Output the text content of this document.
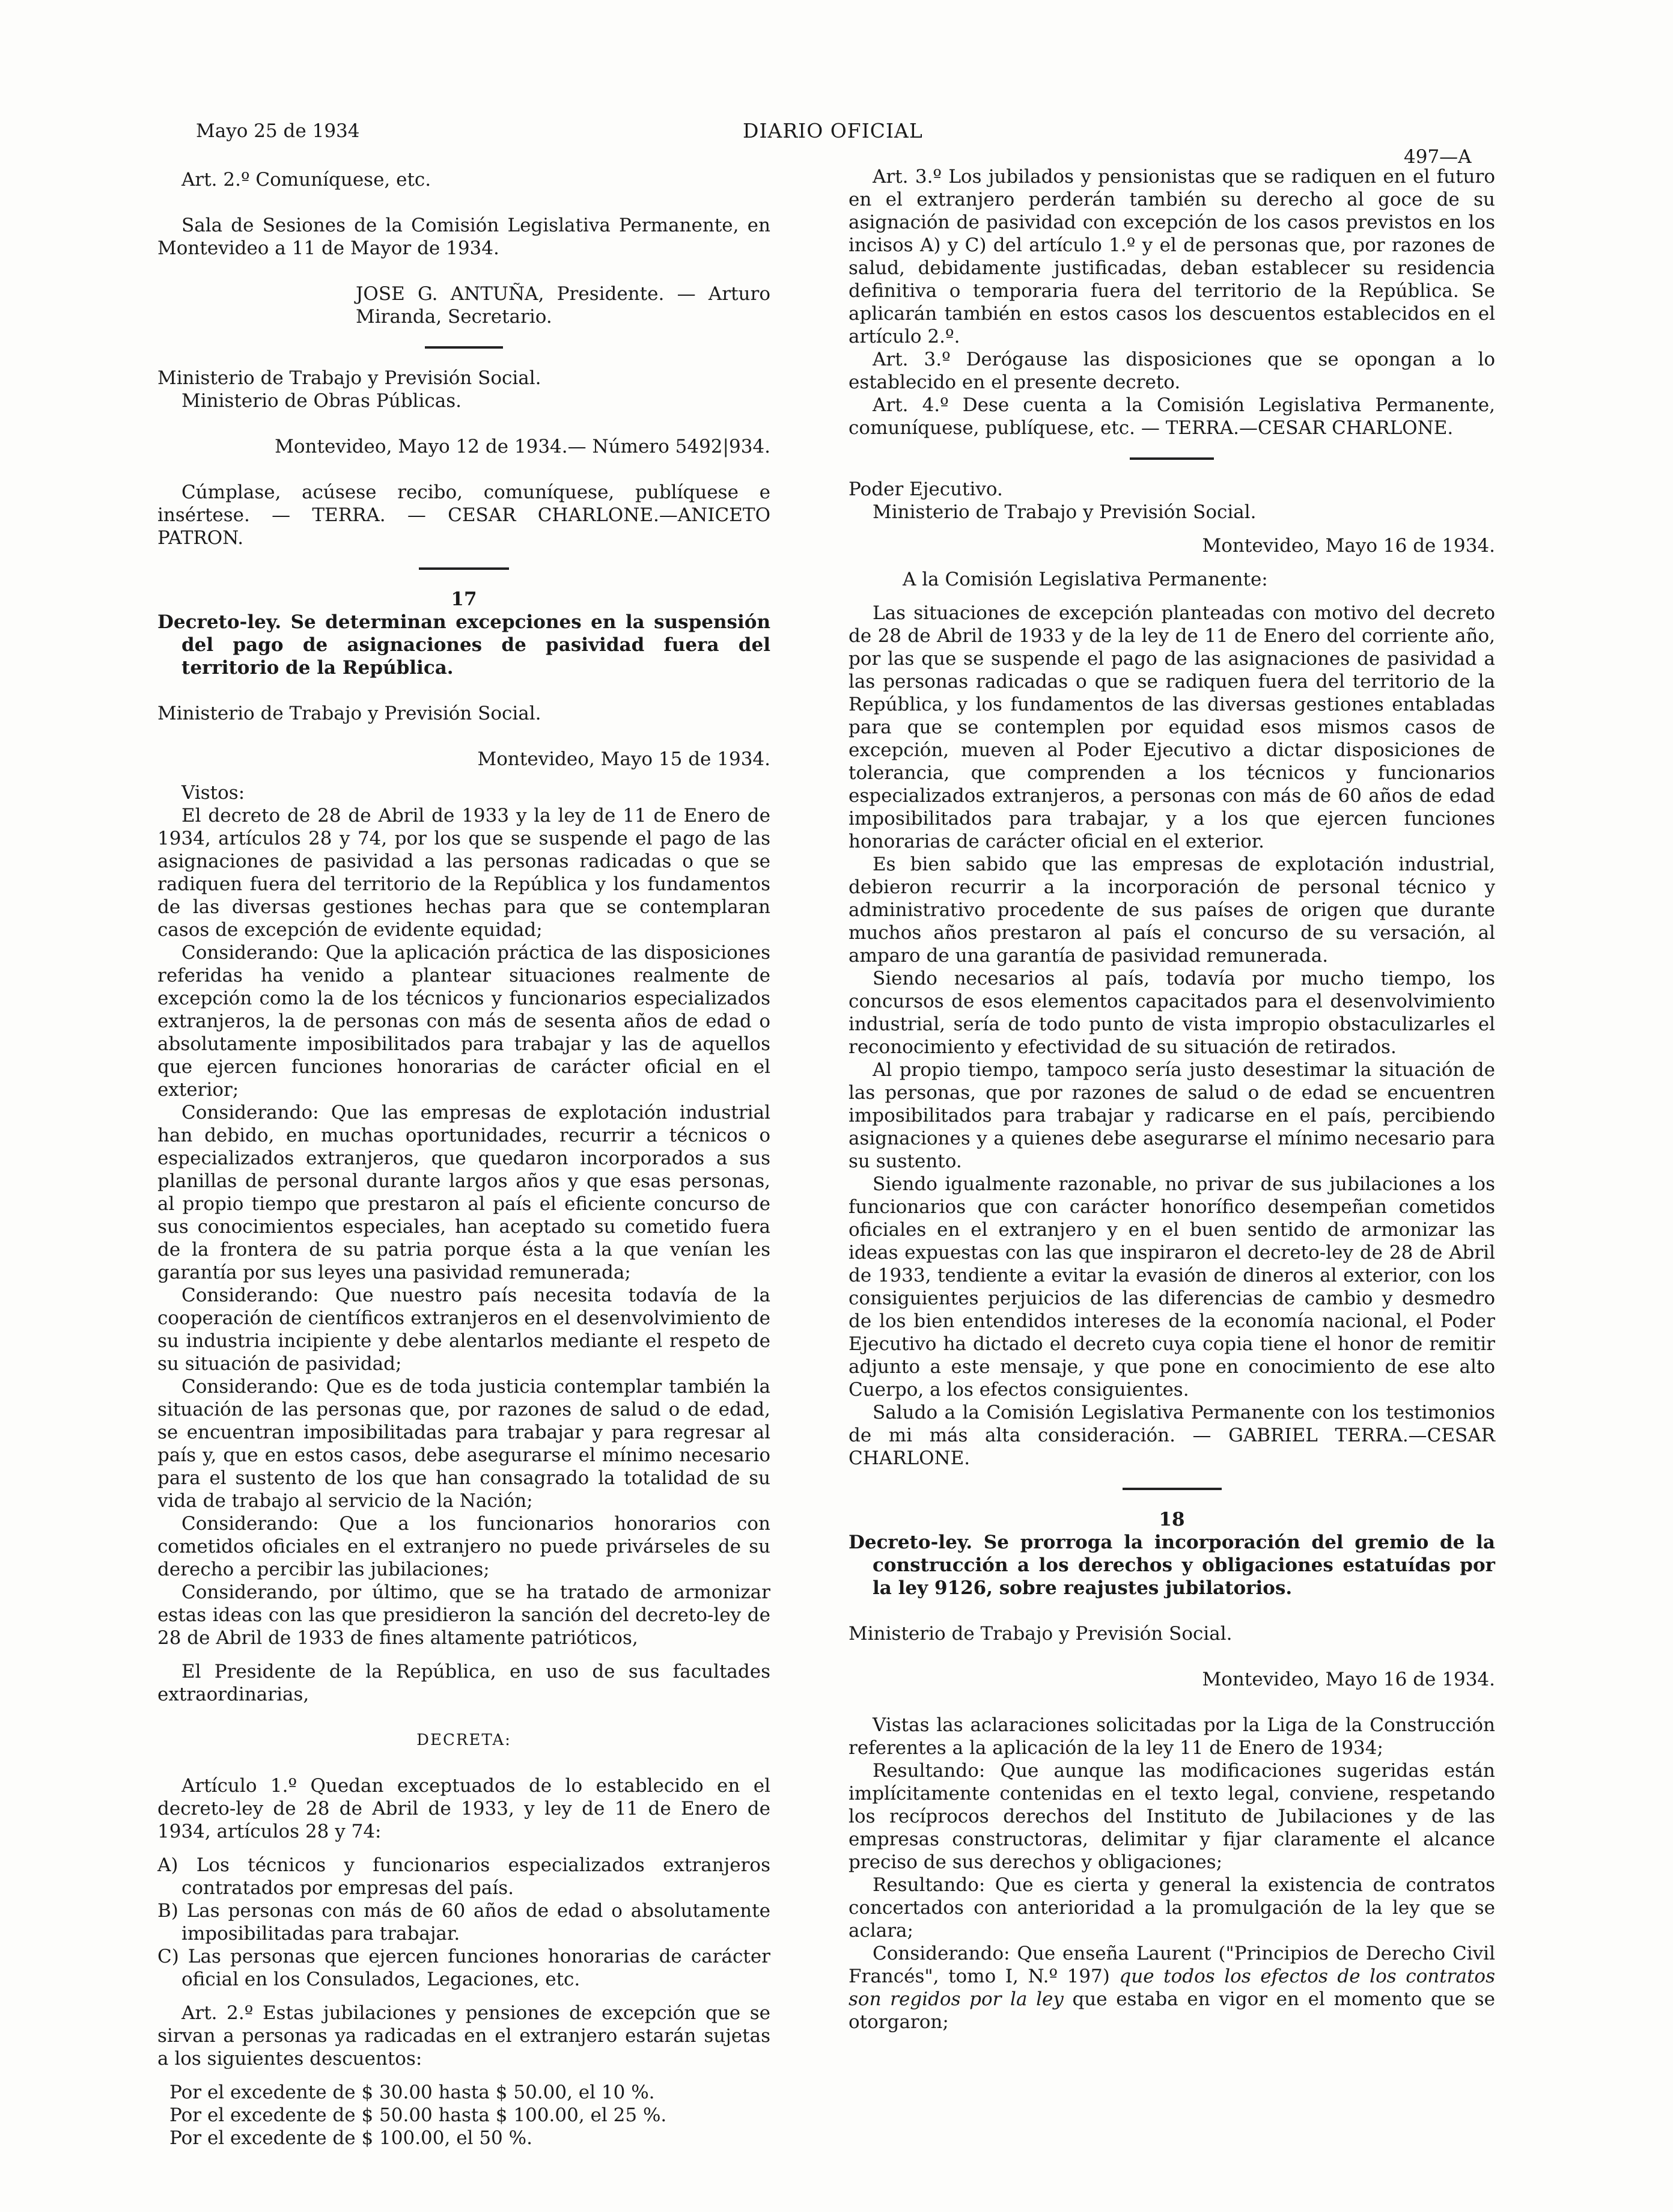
Mayo 25 de 1934	DIARIO OFICIAL
497—A

Art. 2.º Comuníquese, etc.

Sala de Sesiones de la Comisión Legislativa Permanente, en Montevideo a 11 de Mayor de 1934.

JOSE G. ANTUÑA, Presidente. — Arturo Miranda, Secretario.

Ministerio de Trabajo y Previsión Social.

Ministerio de Obras Públicas.

Montevideo, Mayo 12 de 1934.— Número 5492|934.

Cúmplase, acúsese recibo, comuníquese, publíquese e insértese. — TERRA. — CESAR CHARLONE.—ANICETO PATRON.

17

Decreto-ley. Se determinan excepciones en la suspensión del pago de asignaciones de pasividad fuera del territorio de la República.

Ministerio de Trabajo y Previsión Social.

Montevideo, Mayo 15 de 1934.

Vistos:

El decreto de 28 de Abril de 1933 y la ley de 11 de Enero de 1934, artículos 28 y 74, por los que se suspende el pago de las asignaciones de pasividad a las personas radicadas o que se radiquen fuera del territorio de la República y los fundamentos de las diversas gestiones hechas para que se contemplaran casos de excepción de evidente equidad;

Considerando: Que la aplicación práctica de las disposiciones referidas ha venido a plantear situaciones realmente de excepción como la de los técnicos y funcionarios especializados extranjeros, la de personas con más de sesenta años de edad o absolutamente imposibilitados para trabajar y las de aquellos que ejercen funciones honorarias de carácter oficial en el exterior;

Considerando: Que las empresas de explotación industrial han debido, en muchas oportunidades, recurrir a técnicos o especializados extranjeros, que quedaron incorporados a sus planillas de personal durante largos años y que esas personas, al propio tiempo que prestaron al país el eficiente concurso de sus conocimientos especiales, han aceptado su cometido fuera de la frontera de su patria porque ésta a la que venían les garantía por sus leyes una pasividad remunerada;

Considerando: Que nuestro país necesita todavía de la cooperación de científicos extranjeros en el desenvolvimiento de su industria incipiente y debe alentarlos mediante el respeto de su situación de pasividad;

Considerando: Que es de toda justicia contemplar también la situación de las personas que, por razones de salud o de edad, se encuentran imposibilitadas para trabajar y para regresar al país y, que en estos casos, debe asegurarse el mínimo necesario para el sustento de los que han consagrado la totalidad de su vida de trabajo al servicio de la Nación;

Considerando: Que a los funcionarios honorarios con cometidos oficiales en el extranjero no puede privárseles de su derecho a percibir las jubilaciones;

Considerando, por último, que se ha tratado de armonizar estas ideas con las que presidieron la sanción del decreto-ley de 28 de Abril de 1933 de fines altamente patrióticos,

El Presidente de la República, en uso de sus facultades extraordinarias,

DECRETA:

Artículo 1.º Quedan exceptuados de lo establecido en el decreto-ley de 28 de Abril de 1933, y ley de 11 de Enero de 1934, artículos 28 y 74:

A) Los técnicos y funcionarios especializados extranjeros contratados por empresas del país.

B) Las personas con más de 60 años de edad o absolutamente imposibilitadas para trabajar.

C) Las personas que ejercen funciones honorarias de carácter oficial en los Consulados, Legaciones, etc.

Art. 2.º Estas jubilaciones y pensiones de excepción que se sirvan a personas ya radicadas en el extranjero estarán sujetas a los siguientes descuentos:

Por el excedente de $ 30.00 hasta $ 50.00, el 10 %.

Por el excedente de $ 50.00 hasta $ 100.00, el 25 %.

Por el excedente de $ 100.00, el 50 %.

Art. 3.º Los jubilados y pensionistas que se radiquen en el futuro en el extranjero perderán también su derecho al goce de su asignación de pasividad con excepción de los casos previstos en los incisos A) y C) del artículo 1.º y el de personas que, por razones de salud, debidamente justificadas, deban establecer su residencia definitiva o temporaria fuera del territorio de la República. Se aplicarán también en estos casos los descuentos establecidos en el artículo 2.º.

Art. 3.º Derógause las disposiciones que se opongan a lo establecido en el presente decreto.

Art. 4.º Dese cuenta a la Comisión Legislativa Permanente, comuníquese, publíquese, etc. — TERRA.—CESAR CHARLONE.

Poder Ejecutivo.

Ministerio de Trabajo y Previsión Social.

Montevideo, Mayo 16 de 1934.

A la Comisión Legislativa Permanente:

Las situaciones de excepción planteadas con motivo del decreto de 28 de Abril de 1933 y de la ley de 11 de Enero del corriente año, por las que se suspende el pago de las asignaciones de pasividad a las personas radicadas o que se radiquen fuera del territorio de la República, y los fundamentos de las diversas gestiones entabladas para que se contemplen por equidad esos mismos casos de excepción, mueven al Poder Ejecutivo a dictar disposiciones de tolerancia, que comprenden a los técnicos y funcionarios especializados extranjeros, a personas con más de 60 años de edad imposibilitados para trabajar, y a los que ejercen funciones honorarias de carácter oficial en el exterior.

Es bien sabido que las empresas de explotación industrial, debieron recurrir a la incorporación de personal técnico y administrativo procedente de sus países de origen que durante muchos años prestaron al país el concurso de su versación, al amparo de una garantía de pasividad remunerada.

Siendo necesarios al país, todavía por mucho tiempo, los concursos de esos elementos capacitados para el desenvolvimiento industrial, sería de todo punto de vista impropio obstaculizarles el reconocimiento y efectividad de su situación de retirados.

Al propio tiempo, tampoco sería justo desestimar la situación de las personas, que por razones de salud o de edad se encuentren imposibilitados para trabajar y radicarse en el país, percibiendo asignaciones y a quienes debe asegurarse el mínimo necesario para su sustento.

Siendo igualmente razonable, no privar de sus jubilaciones a los funcionarios que con carácter honorífico desempeñan cometidos oficiales en el extranjero y en el buen sentido de armonizar las ideas expuestas con las que inspiraron el decreto-ley de 28 de Abril de 1933, tendiente a evitar la evasión de dineros al exterior, con los consiguientes perjuicios de las diferencias de cambio y desmedro de los bien entendidos intereses de la economía nacional, el Poder Ejecutivo ha dictado el decreto cuya copia tiene el honor de remitir adjunto a este mensaje, y que pone en conocimiento de ese alto Cuerpo, a los efectos consiguientes.

Saludo a la Comisión Legislativa Permanente con los testimonios de mi más alta consideración. — GABRIEL TERRA.—CESAR CHARLONE.

18

Decreto-ley. Se prorroga la incorporación del gremio de la construcción a los derechos y obligaciones estatuídas por la ley 9126, sobre reajustes jubilatorios.

Ministerio de Trabajo y Previsión Social.

Montevideo, Mayo 16 de 1934.

Vistas las aclaraciones solicitadas por la Liga de la Construcción referentes a la aplicación de la ley 11 de Enero de 1934;

Resultando: Que aunque las modificaciones sugeridas están implícitamente contenidas en el texto legal, conviene, respetando los recíprocos derechos del Instituto de Jubilaciones y de las empresas constructoras, delimitar y fijar claramente el alcance preciso de sus derechos y obligaciones;

Resultando: Que es cierta y general la existencia de contratos concertados con anterioridad a la promulgación de la ley que se aclara;

Considerando: Que enseña Laurent ("Principios de Derecho Civil Francés", tomo I, N.º 197) que todos los efectos de los contratos son regidos por la ley que estaba en vigor en el momento que se otorgaron;
